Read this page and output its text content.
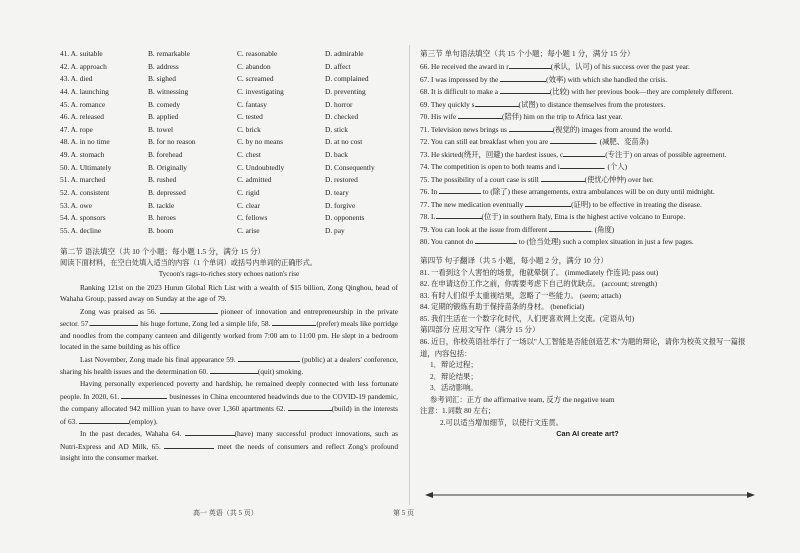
41. A. suitable	B. remarkable	C. reasonable	D. admirable
42. A. approach	B. address	C. abandon	D. affect
43. A. died	B. sighed	C. screamed	D. complained
44. A. launching	B. witnessing	C. investigating	D. preventing
45. A. romance	B. comedy	C. fantasy	D. horror
46. A. released	B. applied	C. tested	D. checked
47. A. rope	B. towel	C. brick	D. stick
48. A. in no time	B. for no reason	C. by no means	D. at no cost
49. A. stomach	B. forehead	C. chest	D. back
50. A. Ultimately	B. Originally	C. Undoubtedly	D. Consequently
51. A. marched	B. rushed	C. admitted	D. restored
52. A. consistent	B. depressed	C. rigid	D. teary
53. A. owe	B. tackle	C. clear	D. forgive
54. A. sponsors	B. heroes	C. fellows	D. opponents
55. A. decline	B. boom	C. arise	D. pay
第二节 语法填空（共 10 个小题；每小题 1.5 分，满分 15 分）
阅读下面材料，在空白处填入适当的内容（1 个单词）或括号内单词的正确形式。
Tycoon's rags-to-riches story echoes nation's rise
Ranking 121st on the 2023 Hurun Global Rich List with a wealth of $15 billion, Zong Qinghou, head of Wahaha Group, passed away on Sunday at the age of 79.
Zong was praised as 56.	pioneer of innovation and entrepreneurship in the private sector. 57.	his huge fortune, Zong led a simple life, 58.	(prefer) meals like porridge and noodles from the company canteen and diligently worked from 7:00 am to 11:00 pm. He slept in a bedroom located in the same building as his office
Last November, Zong made his final appearance 59.	(public) at a dealers' conference, sharing his health issues and the determination 60.	(quit) smoking.
Having personally experienced poverty and hardship, he remained deeply connected with less fortunate people. In 2020, 61.	businesses in China encountered headwinds due to the COVID-19 pandemic, the company allocated 942 million yuan to have over 1,360 apartments 62.	(build) in the interests of 63.	(employ).
In the past decades, Wahaha 64.	(have) many successful product innovations, such as Nutri-Express and AD Milk, 65.	meet the needs of consumers and reflect Zong's profound insight into the consumer market.
第三节 单句语法填空（共 15 个小题；每小题 1 分，满分 15 分）
66. He received the award in r	(承认，认可) of his success over the past year.
67. I was impressed by the	(效率) with which she handled the crisis.
68. It is difficult to make a	(比较) with her previous book—they are completely different.
69. They quickly s	(试图) to distance themselves from the protesters.
70. His wife	(陪伴) him on the trip to Africa last year.
71. Television news brings us	(视觉的) images from around the world.
72. You can still eat breakfast when you are	. (减肥、変苗条)
73. He skirted(绕开，回避) the hardest issues, c	(专注于) on areas of possible agreement.
74. The competition is open to both teams and i	. (个人)
75. The possibility of a court case is still	(使忧心忡忡) over her.
76. In	to (除了) these arrangements, extra ambulances will be on duty until midnight.
77. The new medication eventually	(证明) to be effective in treating the disease.
78. L	(位于) in southern Italy, Etna is the highest active volcano to Europe.
79. You can look at the issue from different	. (角度)
80. You cannot do	to (恰当处理) such a complex situation in just a few pages.
第四节 句子翻译（共 5 小题，每小题 2 分，满分 10 分）
81. 一看到这个人害怕的场景，他就晕倒了。 (immediately 作连词; pass out)
82. 在申请这份工作之前，你需要考虑下自己的优缺点。 (account; strength)
83. 有时人们似乎太重视结果，忽略了一些能力。 (seem; attach)
84. 定期的锻炼有助于保持苗条的身材。 (beneficial)
85. 我们生活在一个数字化时代，人们更喜欢网上交流。(定语从句)
第四部分 应用文写作（满分 15 分）
86. 近日，你校英语社举行了一场以"人工智能是否能创造艺术"为题的辩论，请你为校英文报写一篇报道，内容包括：
1．辩论过程；
2．辩论结果；
3．活动影响。
参考词汇：正方 the affirmative team, 反方 the negative team
注意：1.词数 80 左右；
2.可以适当增加细节，以使行文连贯。
Can AI create art?
高一 英语（共 5 页）	第 5 页
